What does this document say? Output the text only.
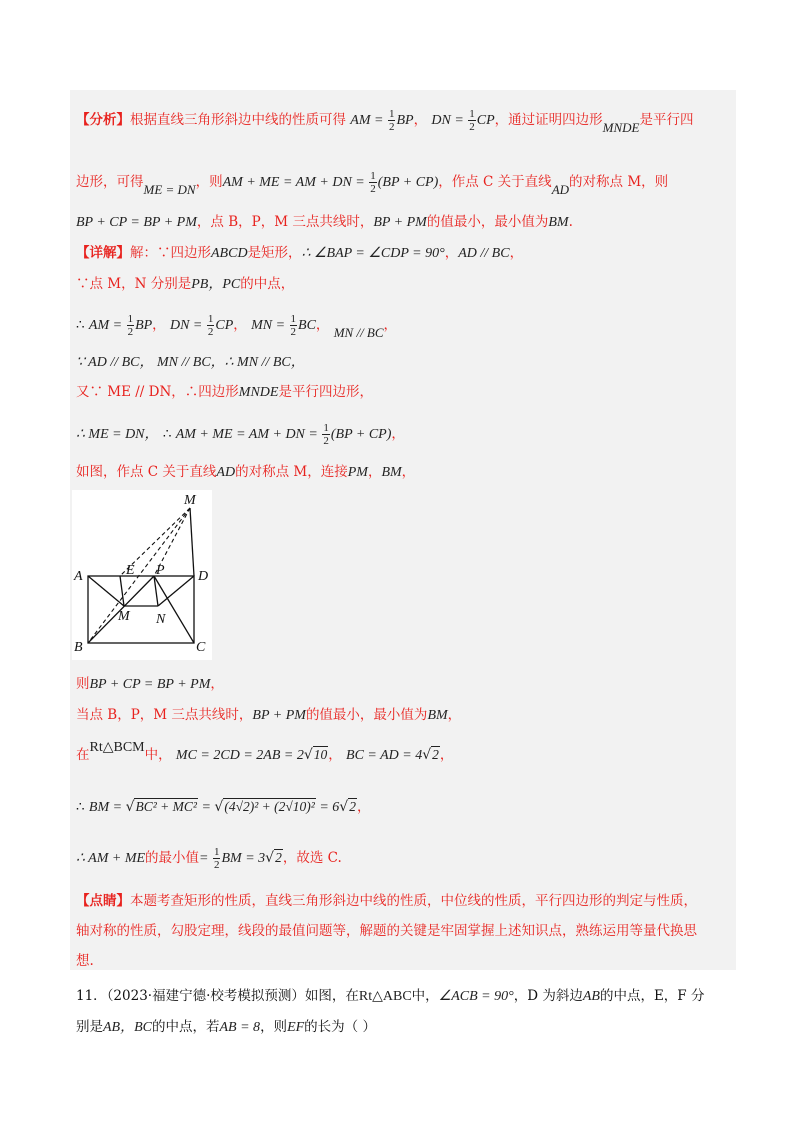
【分析】根据直线三角形斜边中线的性质可得 AM = $\frac{1}{2}$ BP， DN = $\frac{1}{2}$ CP，通过证明四边形MNDE是平行四
边形，可得ME = DN，则AM + ME = AM + DN = $\frac{1}{2} (BP + CP)$，作点 C 关于直线AD的对称点 M，则
BP + CP = BP + PM，点 B，P，M 三点共线时，BP + PM的值最小，最小值为BM.
【详解】解：∵四边形ABCD是矩形，∴ ∠BAP = ∠CDP = 90°，AD // BC，
∵点 M，N 分别是PB，PC的中点，
∴ AM = $\frac{1}{2}$ BP， DN = $\frac{1}{2}$ CP， MN = $\frac{1}{2}$ BC， MN // BC，
∵ AD // BC， MN // BC，∴ MN // BC，
又∵ ME // DN，∴四边形MNDE是平行四边形，
∴ ME = DN， ∴ AM + ME = AM + DN = $\frac{1}{2} (BP + CP)$，
如图，作点 C 关于直线AD的对称点 M，连接PM，BM，
M
A	D
E P
M N
B	C
则BP + CP = BP + PM，
当点 B，P，M 三点共线时，BP + PM的值最小，最小值为BM，
在Rt△BCM中， MC = 2CD = 2AB = 2√10， BC = AD = 4√2，
∴ BM = √BC² + MC² = √(4√2)² + (2√10)² = 6√2，
∴ AM + ME的最小值= $\frac{1}{2}$ BM = 3√2，故选 C.
【点睛】本题考查矩形的性质，直线三角形斜边中线的性质，中位线的性质，平行四边形的判定与性质，
轴对称的性质，勾股定理，线段的最值问题等，解题的关键是牢固掌握上述知识点，熟练运用等量代换思
想.
11．（2023·福建宁德·校考模拟预测）如图，在Rt△ABC中，∠ACB = 90°，D 为斜边AB的中点，E，F 分
别是AB，BC的中点，若AB = 8，则EF的长为（ ）
